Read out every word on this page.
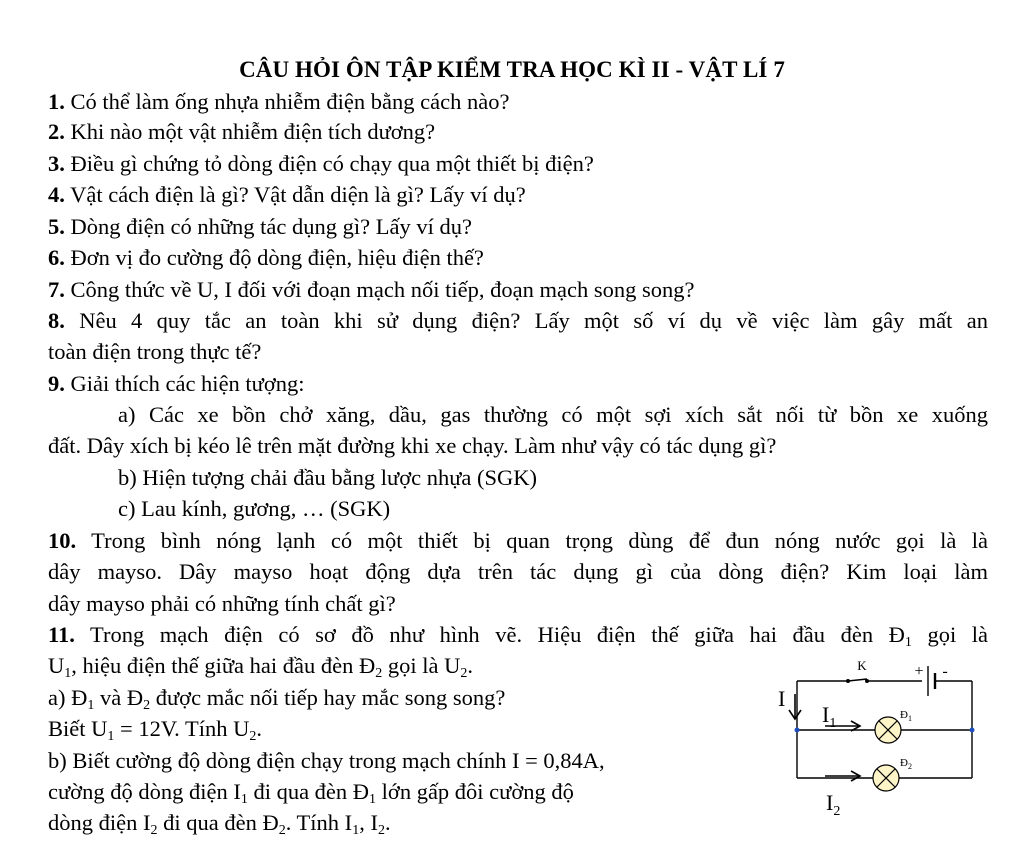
CÂU HỎI ÔN TẬP KIỂM TRA HỌC KÌ II - VẬT LÍ 7
1. Có thể làm ống nhựa nhiễm điện bằng cách nào?
2. Khi nào một vật nhiễm điện tích dương?
3. Điều gì chứng tỏ dòng điện có chạy qua một thiết bị điện?
4. Vật cách điện là gì? Vật dẫn diện là gì? Lấy ví dụ?
5. Dòng điện có những tác dụng gì? Lấy ví dụ?
6. Đơn vị đo cường độ dòng điện, hiệu điện thế?
7. Công thức về U, I đối với đoạn mạch nối tiếp, đoạn mạch song song?
8. Nêu 4 quy tắc an toàn khi sử dụng điện? Lấy một số ví dụ về việc làm gây mất an
toàn điện trong thực tế?
9. Giải thích các hiện tượng:
a) Các xe bồn chở xăng, dầu, gas thường có một sợi xích sắt nối từ bồn xe xuống
đất. Dây xích bị kéo lê trên mặt đường khi xe chạy. Làm như vậy có tác dụng gì?
b) Hiện tượng chải đầu bằng lược nhựa (SGK)
c) Lau kính, gương, … (SGK)
10. Trong bình nóng lạnh có một thiết bị quan trọng dùng để đun nóng nước gọi là là
dây mayso. Dây mayso hoạt động dựa trên tác dụng gì của dòng điện? Kim loại làm
dây mayso phải có những tính chất gì?
11. Trong mạch điện có sơ đồ như hình vẽ. Hiệu điện thế giữa hai đầu đèn $Đ_1$ gọi là
$U_1$, hiệu điện thế giữa hai đầu đèn $Đ_2$ gọi là $U_2$.
a) $Đ_1$ và $Đ_2$ được mắc nối tiếp hay mắc song song?
Biết $U_1 = 12V$. Tính $U_2$.
b) Biết cường độ dòng điện chạy trong mạch chính I = 0,84A,
cường độ dòng điện $I_1$ đi qua đèn $Đ_1$ lớn gấp đôi cường độ
dòng điện $I_2$ đi qua đèn $Đ_2$. Tính $I_1$, $I_2$.
K	+ -
I
$I_1$
$I_2$
$Đ_1$
$Đ_2$
